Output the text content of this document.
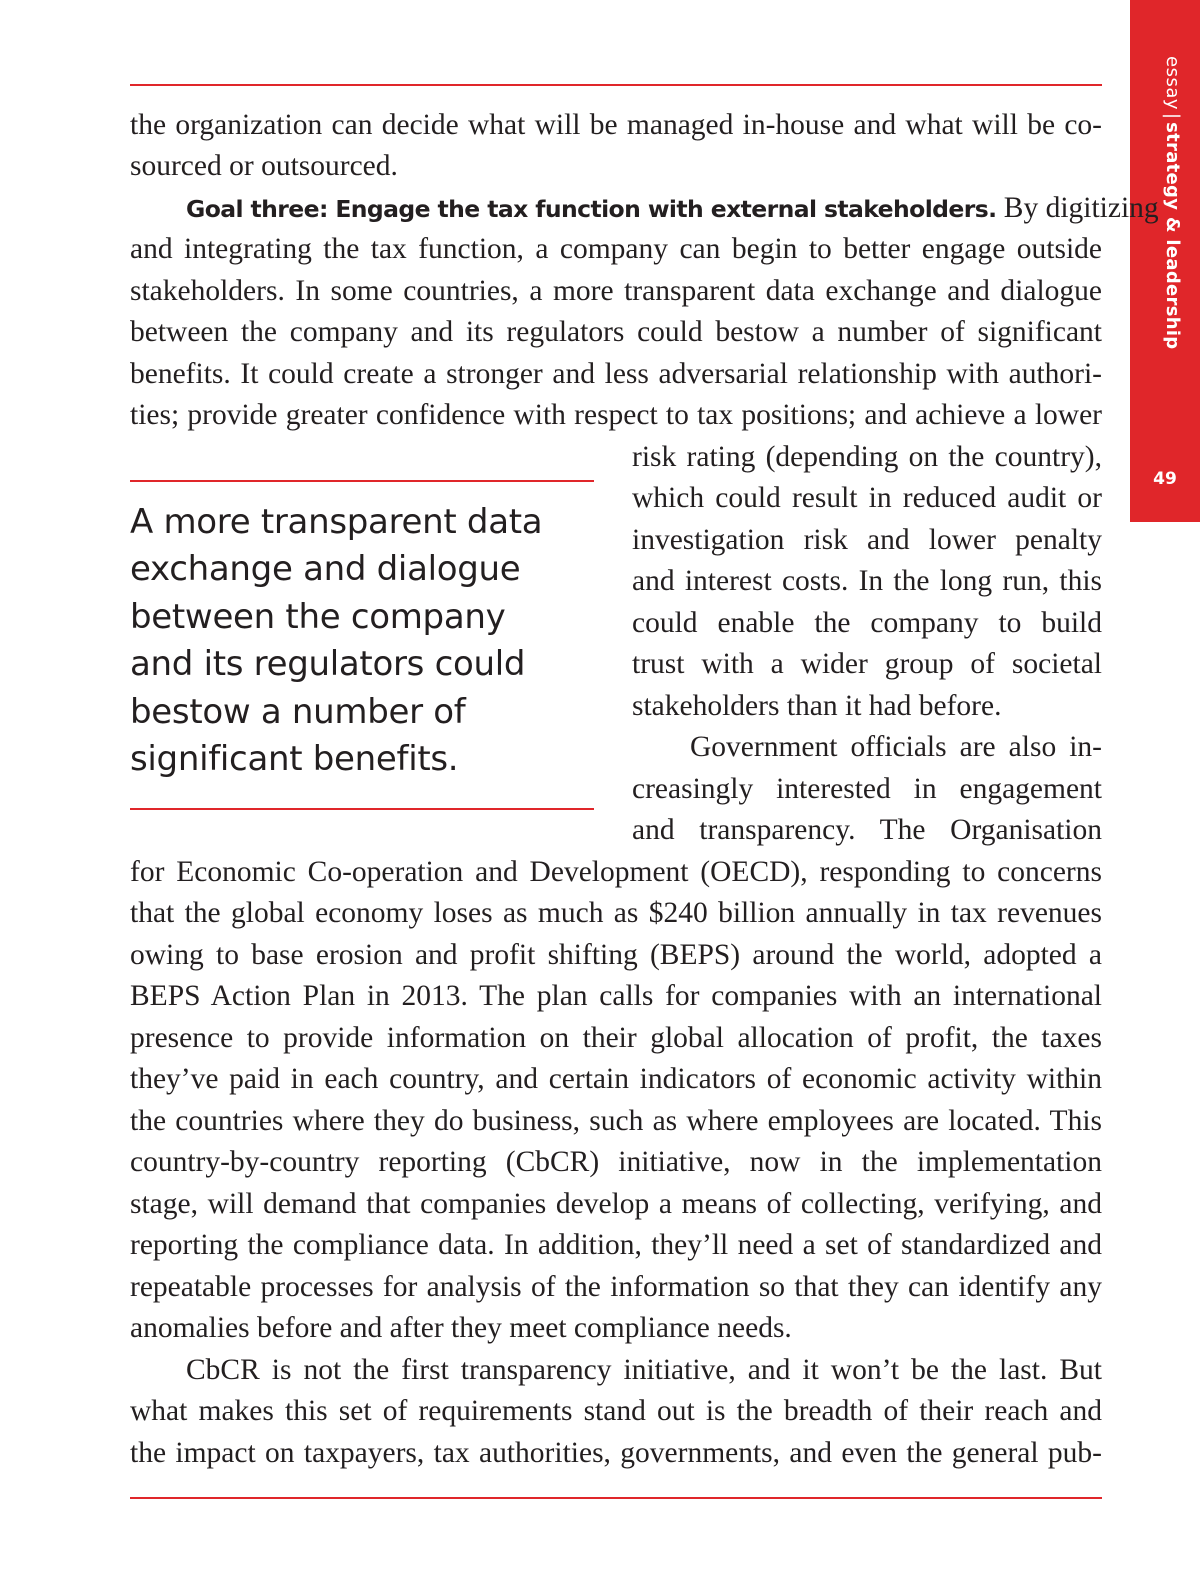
essay|strategy & leadership
49
the organization can decide what will be managed in-house and what will be co-
sourced or outsourced.
Goal three: Engage the tax function with external stakeholders. By digitizing
and integrating the tax function, a company can begin to better engage outside
stakeholders. In some countries, a more transparent data exchange and dialogue
between the company and its regulators could bestow a number of significant
benefits. It could create a stronger and less adversarial relationship with authori-
ties; provide greater confidence with respect to tax positions; and achieve a lower
risk rating (depending on the country),
which could result in reduced audit or
investigation risk and lower penalty
and interest costs. In the long run, this
could enable the company to build
trust with a wider group of societal
stakeholders than it had before.
Government officials are also in-
creasingly interested in engagement
and transparency. The Organisation
A more transparent data
exchange and dialogue
between the company
and its regulators could
bestow a number of
significant benefits.
for Economic Co-operation and Development (OECD), responding to concerns
that the global economy loses as much as $240 billion annually in tax revenues
owing to base erosion and profit shifting (BEPS) around the world, adopted a
BEPS Action Plan in 2013. The plan calls for companies with an international
presence to provide information on their global allocation of profit, the taxes
they’ve paid in each country, and certain indicators of economic activity within
the countries where they do business, such as where employees are located. This
country-by-country reporting (CbCR) initiative, now in the implementation
stage, will demand that companies develop a means of collecting, verifying, and
reporting the compliance data. In addition, they’ll need a set of standardized and
repeatable processes for analysis of the information so that they can identify any
anomalies before and after they meet compliance needs.
CbCR is not the first transparency initiative, and it won’t be the last. But
what makes this set of requirements stand out is the breadth of their reach and
the impact on taxpayers, tax authorities, governments, and even the general pub-
